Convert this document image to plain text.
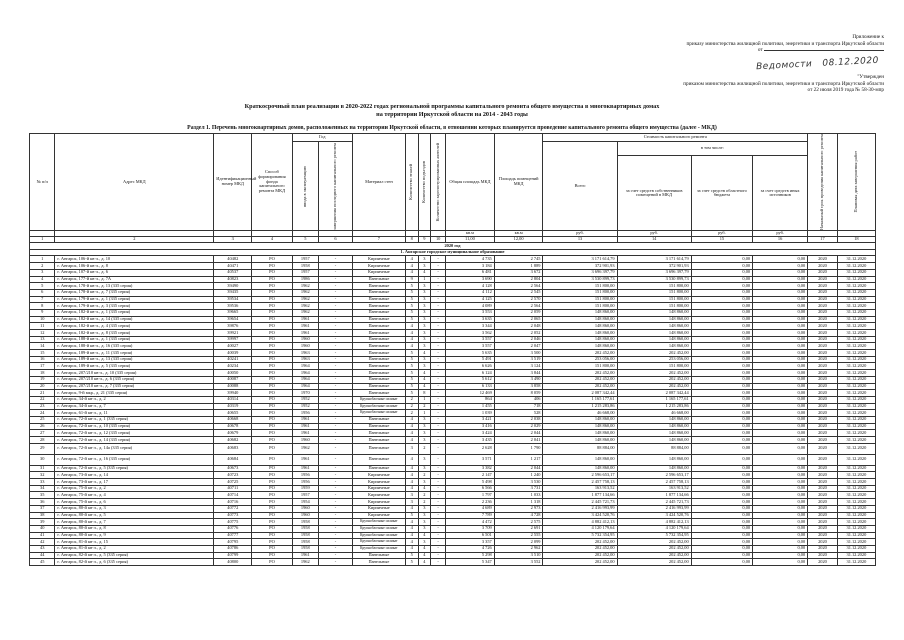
Приложение к
приказу министерства жилищной политики, энергетики и транспорта Иркутской области
от
Ведомости 08.12.2020
"Утвержден
приказом министерства жилищной политики, энергетики и транспорта Иркутской области
от 22 июля 2019 года № 58-30-мпр
Краткосрочный план реализации в 2020-2022 годах региональной программы капитального ремонта общего имущества в многоквартирных домах
на территории Иркутской области на 2014 - 2043 годы
Раздел 1. Перечень многоквартирных домов, расположенных на территории Иркутской области, в отношении которых планируется проведение капитального ремонта общего имущества (далее - МКД)
№ п/п	Адрес МКД	Идентификационный номер МКД	Способ формирования фонда капитального ремонта МКД	Год		Материал стен	Количество этажей	Количество подъездов	Количество зарегистрированных жителей	Общая площадь МКД	Площадь помещений МКД	Стоимость капитального ремонта				Начальный срок проведения капитального ремонта	Плановая дата завершения работ

				ввода в эксплуатацию	завершения последнего капитального ремонта							Всего	в том числе:				
													за счет средств собственников помещений в МКД	за счет средств областного бюджета	за счет средств иных источников		
										кв.м	кв.м	руб.	руб.	руб.	руб.		
1	2	3	4	5	6	7	8	9	10	11,00	12,00	13	14	15	16	17	18
2020 год																	
1. Ангарское городское муниципальное образование																	
1	г. Ангарск, 106-й кв-л., д. 10	40482	РО	1957	-	Кирпичные	4	3	-	4 735	2 745	3 171 614,79	3 171 614,79	0,00	0,00	2020	31.12.2020
2	г. Ангарск, 106-й кв-л., д. 8	40471	РО	1958	-	Кирпичные	4	3	-	3 184	1 889	372 901,93	372 901,93	0,00	0,00	2020	31.12.2020
3	г. Ангарск, 107-й кв-л., д. 6	40537	РО	1957	-	Кирпичные	4	4	-	6 481	3 672	3 696 397,79	3 696 397,79	0,00	0,00	2020	31.12.2020
4	г. Ангарск, 177-й кв-л., д. 7А	40823	РО	1986	-	Панельные	9	1	-	3 690	2 804	3 530 899,73	3 530 899,73	0,00	0,00	2020	31.12.2020
5	г. Ангарск, 178-й кв-л., д. 13 (335 серия)	39490	РО	1962	-	Панельные	5	3	-	4 128	2 564	151 800,00	151 800,00	0,00	0,00	2020	31.12.2020
6	г. Ангарск, 178-й кв-л., д. 7 (335 серия)	39435	РО	1962	-	Панельные	5	3	-	4 112	2 545	151 800,00	151 800,00	0,00	0,00	2020	31.12.2020
7	г. Ангарск, 179-й кв-л., д. 1 (335 серия)	39534	РО	1962	-	Панельные	5	3	-	4 125	2 570	151 800,00	151 800,00	0,00	0,00	2020	31.12.2020
8	г. Ангарск, 179-й кв-л., д. 3 (335 серия)	39536	РО	1962	-	Панельные	5	3	-	4 089	2 564	151 800,00	151 800,00	0,00	0,00	2020	31.12.2020
9	г. Ангарск, 182-й кв-л., д. 1 (335 серия)	39665	РО	1962	-	Панельные	5	3	-	3 553	2 059	148 860,00	148 860,00	0,00	0,00	2020	31.12.2020
10	г. Ангарск, 182-й кв-л., д. 14 (335 серия)	39654	РО	1961	-	Панельные	5	3	-	3 635	2 065	148 860,00	148 860,00	0,00	0,00	2020	31.12.2020
11	г. Ангарск, 182-й кв-л., д. 4 (335 серия)	39876	РО	1961	-	Панельные	4	3	-	3 344	2 048	148 860,00	148 860,00	0,00	0,00	2020	31.12.2020
12	г. Ангарск, 182-й кв-л., д. 8 (335 серия)	39921	РО	1961	-	Панельные	4	3	-	3 562	2 052	148 860,00	148 860,00	0,00	0,00	2020	31.12.2020
13	г. Ангарск, 188-й кв-л., д. 1 (335 серия)	39997	РО	1960	-	Панельные	4	3	-	3 557	2 046	148 860,00	148 860,00	0,00	0,00	2020	31.12.2020
14	г. Ангарск, 188-й кв-л., д. 16 (335 серия)	40027	РО	1960	-	Панельные	4	3	-	3 557	2 047	148 860,00	148 860,00	0,00	0,00	2020	31.12.2020
15	г. Ангарск, 189-й кв-л., д. 11 (335 серия)	40039	РО	1963	-	Панельные	5	4	-	5 635	3 500	202 452,00	202 452,00	0,00	0,00	2020	31.12.2020
16	г. Ангарск, 189-й кв-л., д. 13 (335 серия)	40241	РО	1963	-	Панельные	5	3	-	5 491	3 519	253 056,00	253 056,00	0,00	0,00	2020	31.12.2020
17	г. Ангарск, 189-й кв-л., д. 5 (335 серия)	40234	РО	1964	-	Панельные	5	3	-	6 626	3 124	151 800,00	151 800,00	0,00	0,00	2020	31.12.2020
18	г. Ангарск, 207/210 кв-л., д. 10 (335 серия)	40050	РО	1964	-	Панельные	5	4	-	6 124	3 844	202 452,00	202 452,00	0,00	0,00	2020	31.12.2020
19	г. Ангарск, 207/210 кв-л., д. 6 (335 серия)	40087	РО	1964	-	Панельные	5	4	-	5 612	3 490	202 452,00	202 452,00	0,00	0,00	2020	31.12.2020
20	г. Ангарск, 207/210 кв-л., д. 7 (335 серия)	40088	РО	1964	-	Панельные	5	4	-	6 133	3 858	202 452,00	202 452,00	0,00	0,00	2020	31.12.2020
21	г. Ангарск, 9-й мкр., д. 21 (335 серия)	39940	РО	1970	-	Панельные	5	8	-	12 469	8 059	2 087 342,44	2 087 342,44	0,00	0,00	2020	31.12.2020
22	г. Ангарск, 34-й кв-л., д. 2	40314	РО	1952	-	Крупноблочные силикат	2	1	-	864	406	1 165 177,61	1 165 177,61	0,00	0,00	2020	31.12.2020
23	г. Ангарск, 34-й кв-л., д. 7	40319	РО	1952	-	Крупноблочные силикат	2	2	-	1 455	718	1 215 283,86	1 215 283,86	0,00	0,00	2020	31.12.2020
24	г. Ангарск, 61-й кв-л., д. 11	40655	РО	1956	-	Крупноблочные силикат	2	1	-	1 039	528	46 668,00	46 668,00	0,00	0,00	2020	31.12.2020
25	г. Ангарск, 72-й кв-л., д. 1 (335 серия)	40668	РО	1961	-	Панельные	4	3	-	3 421	2 038	148 860,00	148 860,00	0,00	0,00	2020	31.12.2020
26	г. Ангарск, 72-й кв-л., д. 10 (335 серия)	40678	РО	1961	-	Панельные	4	3	-	3 416	2 029	148 860,00	148 860,00	0,00	0,00	2020	31.12.2020
27	г. Ангарск, 72-й кв-л., д. 12 (335 серия)	40679	РО	1961	-	Панельные	4	3	-	3 424	2 044	148 860,00	148 860,00	0,00	0,00	2020	31.12.2020
28	г. Ангарск, 72-й кв-л., д. 14 (335 серия)	40682	РО	1960	-	Панельные	4	3	-	3 435	2 041	148 860,00	148 860,00	0,00	0,00	2020	31.12.2020
29	г. Ангарск, 72-й кв-л., д. 14а (335 серия)	40683	РО	1962	-	Панельные	3	2	-	2 628	1 790	88 884,00	88 884,00	0,00	0,00	2020	31.12.2020
30	г. Ангарск, 72-й кв-л., д. 16 (335 серия)	40684	РО	1961	-	Панельные	4	3	-	3 571	1 217	148 860,00	148 860,00	0,00	0,00	2020	31.12.2020
31	г. Ангарск, 72-й кв-л., д. 5 (335 серия)	40673	РО	1961	-	Панельные	4	3	-	3 382	2 044	148 860,00	148 860,00	0,00	0,00	2020	31.12.2020
32	г. Ангарск, 73-й кв-л., д. 14	40723	РО	1956	-	Кирпичные	4	2	-	2 147	1 240	2 596 653,17	2 596 653,17	0,00	0,00	2020	31.12.2020
33	г. Ангарск, 73-й кв-л., д. 17	40725	РО	1956	-	Кирпичные	4	3	-	5 498	3 530	2 457 758,13	2 457 758,13	0,00	0,00	2020	31.12.2020
34	г. Ангарск, 75-й кв-л., д. 2	40711	РО	1959	-	Кирпичные	4	4	-	6 566	3 731	163 913,52	163 913,52	0,00	0,00	2020	31.12.2020
35	г. Ангарск, 75-й кв-л., д. 4	40714	РО	1957	-	Кирпичные	3	2	-	1 797	1 033	1 877 134,66	1 877 134,66	0,00	0,00	2020	31.12.2020
36	г. Ангарск, 75-й кв-л., д. 6	40716	РО	1954	-	Кирпичные	3	2	-	2 236	1 318	2 445 721,73	2 445 721,73	0,00	0,00	2020	31.12.2020
37	г. Ангарск, 80-й кв-л., д. 3	40772	РО	1960	-	Кирпичные	4	3	-	4 689	2 973	2 416 993,99	2 416 993,99	0,00	0,00	2020	31.12.2020
38	г. Ангарск, 80-й кв-л., д. 5	40773	РО	1960	-	Кирпичные	5	3	-	7 789	4 728	3 424 520,76	3 424 520,76	0,00	0,00	2020	31.12.2020
39	г. Ангарск, 80-й кв-л., д. 7	40775	РО	1958	-	Крупноблочные силикат	4	3	-	4 472	2 575	4 882 412,13	4 882 412,13	0,00	0,00	2020	31.12.2020
40	г. Ангарск, 80-й кв-л., д. 8	40776	РО	1958	-	Крупноблочные силикат	4	3	-	3 709	2 691	4 120 179,64	4 120 179,64	0,00	0,00	2020	31.12.2020
41	г. Ангарск, 80-й кв-л., д. 9	40777	РО	1958	-	Крупноблочные силикат	4	4	-	6 501	2 555	5 732 354,95	5 732 354,95	0,00	0,00	2020	31.12.2020
42	г. Ангарск, 81-й кв-л., д. 15	40795	РО	1958	-	Крупноблочные силикат	4	3	-	3 357	2 099	202 452,00	202 452,00	0,00	0,00	2020	31.12.2020
43	г. Ангарск, 81-й кв-л., д. 2	40786	РО	1958	-	Крупноблочные силикат	4	4	-	4 726	2 962	202 452,00	202 452,00	0,00	0,00	2020	31.12.2020
44	г. Ангарск, 82-й кв-л., д. 5 (335 серия)	40799	РО	1961	-	Панельные	5	4	-	5 298	3 510	202 452,00	202 452,00	0,00	0,00	2020	31.12.2020
45	г. Ангарск, 82-й кв-л., д. 6 (335 серия)	40800	РО	1962	-	Панельные	5	4	-	5 347	3 552	202 452,00	202 452,00	0,00	0,00	2020	31.12.2020
